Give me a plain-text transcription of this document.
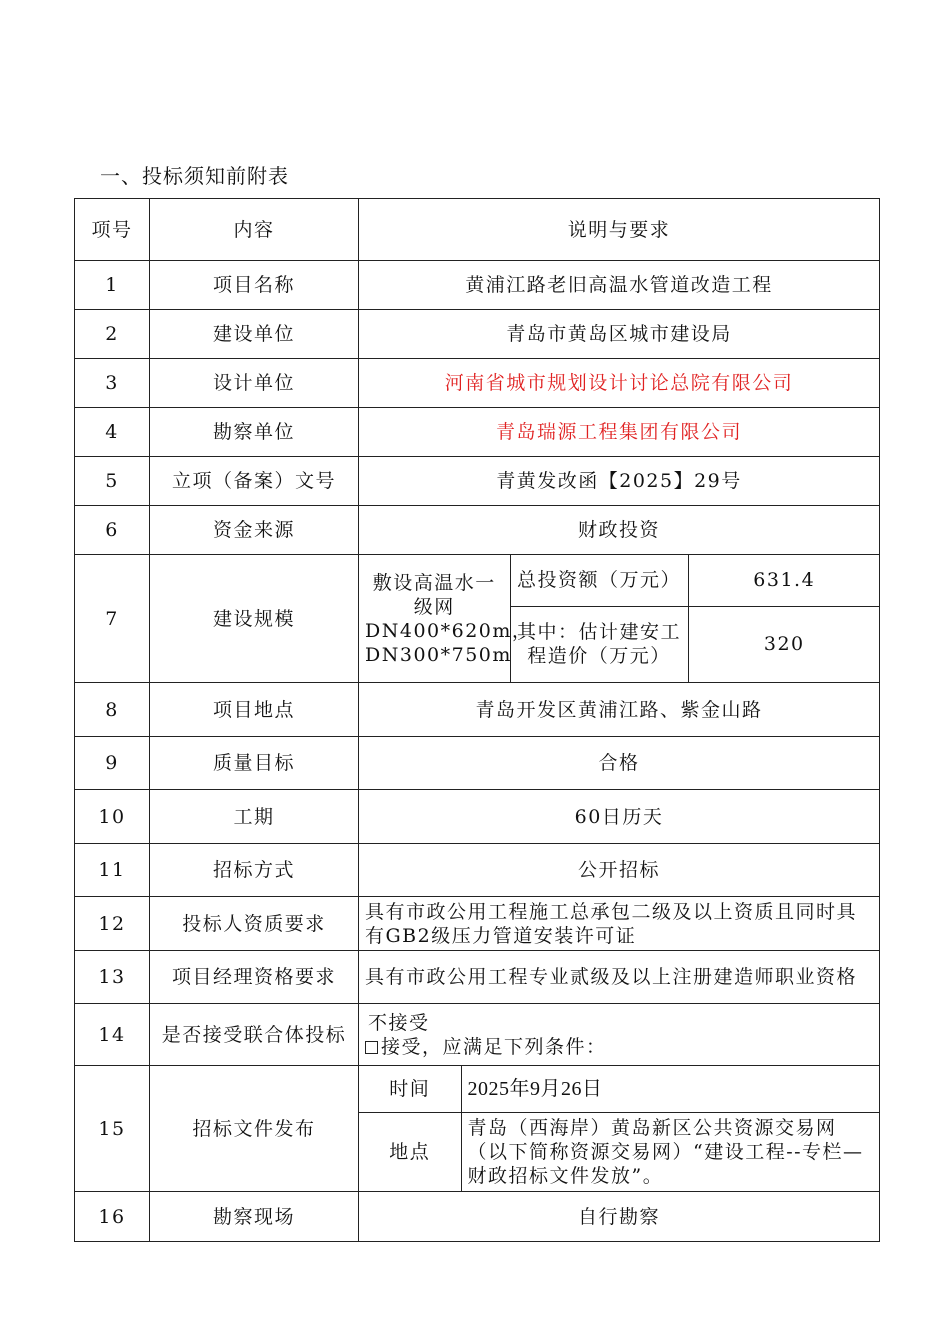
一、投标须知前附表
项号	内容	说明与要求
1	项目名称	黄浦江路老旧高温水管道改造工程
2	建设单位	青岛市黄岛区城市建设局
3	设计单位	河南省城市规划设计讨论总院有限公司
4	勘察单位	青岛瑞源工程集团有限公司
5	立项（备案）文号	青黄发改函【2025】29号
6	资金来源	财政投资
7	建设规模	
敷设高温水一级网DN400*620m，DN300*750m	总投资额（万元）	631.4
其中：估计建安工程造价（万元）	320

8	项目地点	青岛开发区黄浦江路、紫金山路
9	质量目标	合格
10	工期	60日历天
11	招标方式	公开招标
12	投标人资质要求	具有市政公用工程施工总承包二级及以上资质且同时具有GB2级压力管道安装许可证
13	项目经理资格要求	具有市政公用工程专业贰级及以上注册建造师职业资格
14	是否接受联合体投标	
不接受
接受，应满足下列条件：

15	招标文件发布	
时间	2025年9月26日
地点	青岛（西海岸）黄岛新区公共资源交易网（以下简称资源交易网）“建设工程--专栏—财政招标文件发放”。

16	勘察现场	自行勘察
